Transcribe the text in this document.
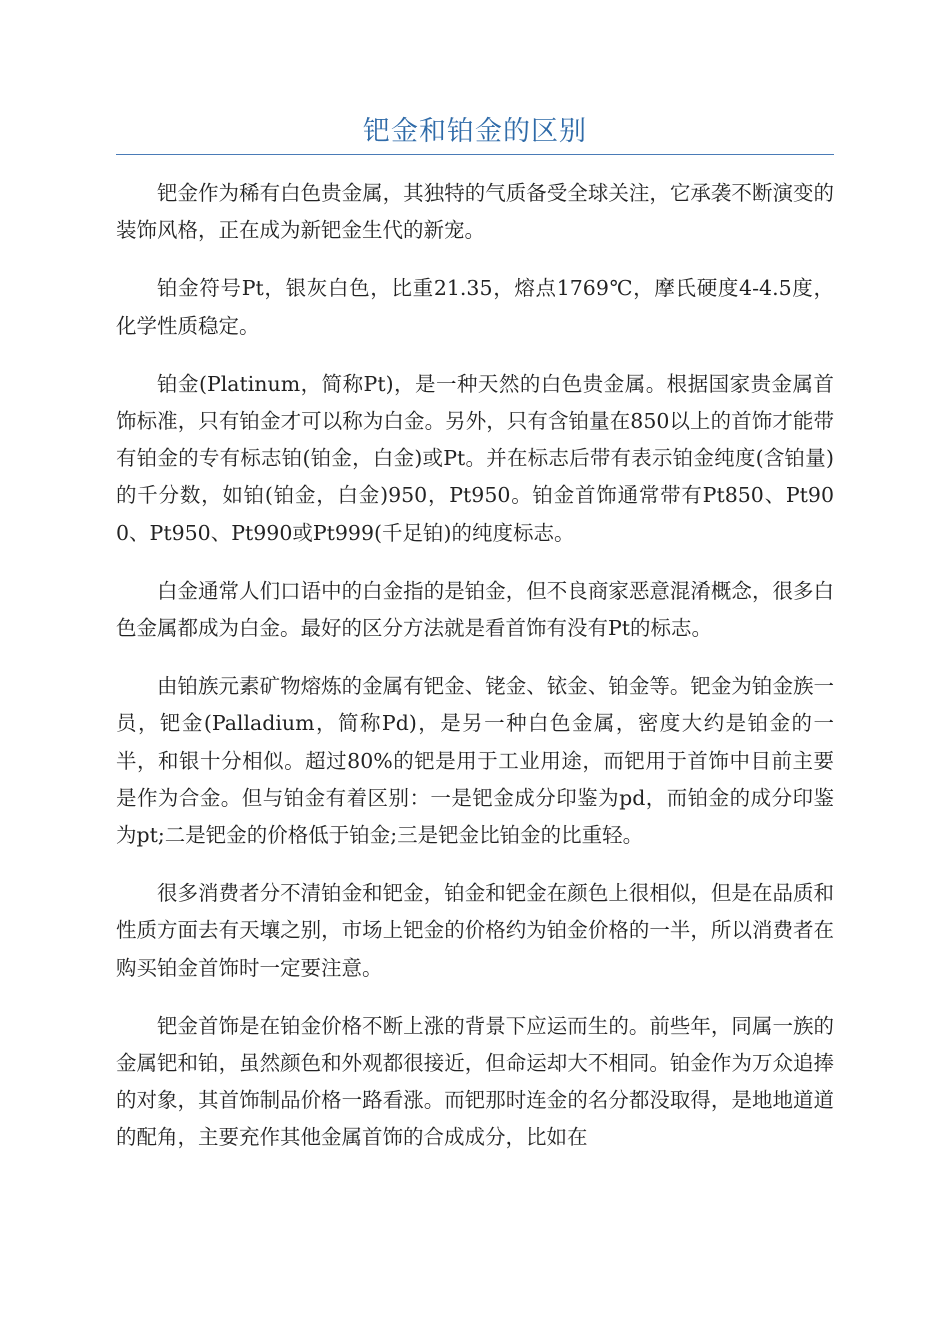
钯金和铂金的区别

钯金作为稀有白色贵金属，其独特的气质备受全球关注，它承袭不断演变的装饰风格，正在成为新钯金生代的新宠。

铂金符号Pt，银灰白色，比重21.35，熔点1769℃，摩氏硬度4-4.5度，化学性质稳定。

铂金(Platinum，简称Pt)，是一种天然的白色贵金属。根据国家贵金属首饰标准，只有铂金才可以称为白金。另外，只有含铂量在850以上的首饰才能带有铂金的专有标志铂(铂金，白金)或Pt。并在标志后带有表示铂金纯度(含铂量)的千分数，如铂(铂金，白金)950，Pt950。铂金首饰通常带有Pt850、Pt900、Pt950、Pt990或Pt999(千足铂)的纯度标志。

白金通常人们口语中的白金指的是铂金，但不良商家恶意混淆概念，很多白色金属都成为白金。最好的区分方法就是看首饰有没有Pt的标志。

由铂族元素矿物熔炼的金属有钯金、铑金、铱金、铂金等。钯金为铂金族一员，钯金(Palladium，简称Pd)，是另一种白色金属，密度大约是铂金的一半，和银十分相似。超过80%的钯是用于工业用途，而钯用于首饰中目前主要是作为合金。但与铂金有着区别：一是钯金成分印鉴为pd，而铂金的成分印鉴为pt;二是钯金的价格低于铂金;三是钯金比铂金的比重轻。

很多消费者分不清铂金和钯金，铂金和钯金在颜色上很相似，但是在品质和性质方面去有天壤之别，市场上钯金的价格约为铂金价格的一半，所以消费者在购买铂金首饰时一定要注意。

钯金首饰是在铂金价格不断上涨的背景下应运而生的。前些年，同属一族的金属钯和铂，虽然颜色和外观都很接近，但命运却大不相同。铂金作为万众追捧的对象，其首饰制品价格一路看涨。而钯那时连金的名分都没取得，是地地道道的配角，主要充作其他金属首饰的合成成分，比如在
